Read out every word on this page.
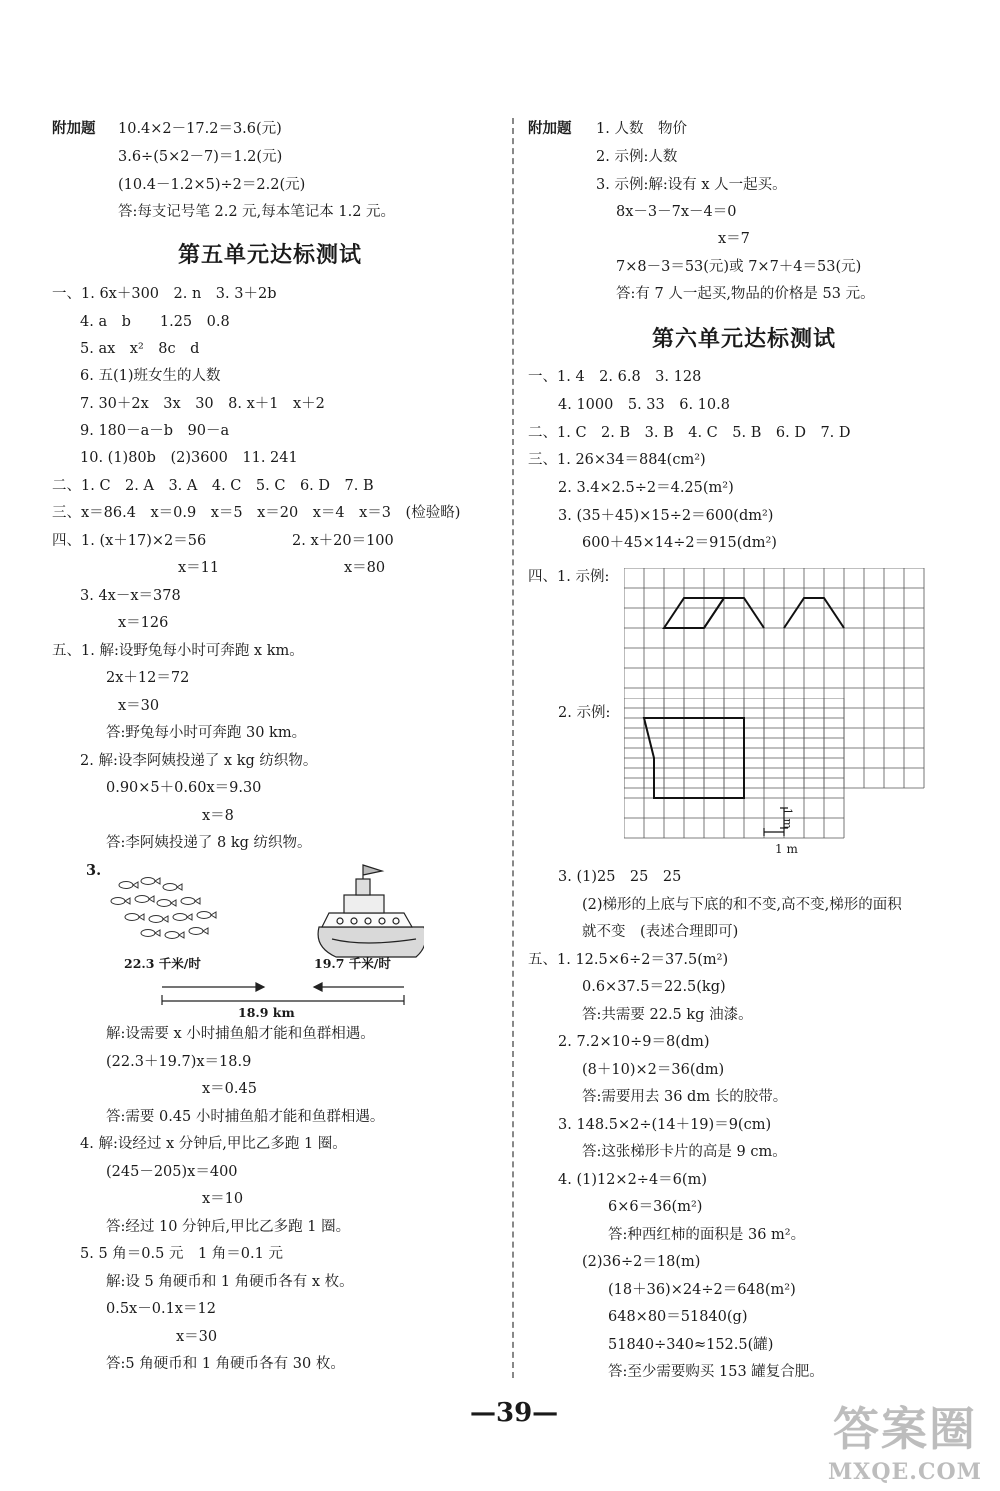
附加题 10.4×2－17.2＝3.6(元)
3.6÷(5×2－7)＝1.2(元)
(10.4－1.2×5)÷2＝2.2(元)
答:每支记号笔 2.2 元,每本笔记本 1.2 元。
第五单元达标测试
一、1. 6x＋300　2. n　3. 3＋2b
4. a　b　　1.25　0.8
5. ax　x²　8c　d
6. 五(1)班女生的人数
7. 30＋2x　3x　30　8. x＋1　x＋2
9. 180－a－b　90－a
10. (1)80b　(2)3600　11. 241
二、1. C　2. A　3. A　4. C　5. C　6. D　7. B
三、x＝86.4　x＝0.9　x＝5　x＝20　x＝4　x＝3　(检验略)
四、1. (x＋17)×2＝56	2. x＋20＝100
x＝11	x＝80
3. 4x－x＝378
x＝126
五、1. 解:设野兔每小时可奔跑 x km。
2x＋12＝72
x＝30
答:野兔每小时可奔跑 30 km。
2. 解:设李阿姨投递了 x kg 纺织物。
0.90×5＋0.60x＝9.30
x＝8
答:李阿姨投递了 8 kg 纺织物。
3.
22.3 千米/时	19.7 千米/时
18.9 km
解:设需要 x 小时捕鱼船才能和鱼群相遇。
(22.3＋19.7)x＝18.9
x＝0.45
答:需要 0.45 小时捕鱼船才能和鱼群相遇。
4. 解:设经过 x 分钟后,甲比乙多跑 1 圈。
(245－205)x＝400
x＝10
答:经过 10 分钟后,甲比乙多跑 1 圈。
5. 5 角＝0.5 元　1 角＝0.1 元
解:设 5 角硬币和 1 角硬币各有 x 枚。
0.5x－0.1x＝12
x＝30
答:5 角硬币和 1 角硬币各有 30 枚。
附加题 1. 人数　物价
2. 示例:人数
3. 示例:解:设有 x 人一起买。
8x－3－7x－4＝0
x＝7
7×8－3＝53(元)或 7×7＋4＝53(元)
答:有 7 人一起买,物品的价格是 53 元。
第六单元达标测试
一、1. 4　2. 6.8　3. 128
4. 1000　5. 33　6. 10.8
二、1. C　2. B　3. B　4. C　5. B　6. D　7. D
三、1. 26×34＝884(cm²)
2. 3.4×2.5÷2＝4.25(m²)
3. (35＋45)×15÷2＝600(dm²)
600＋45×14÷2＝915(dm²)
四、1. 示例:
2. 示例:
1 m
1 m
3. (1)25　25　25
(2)梯形的上底与下底的和不变,高不变,梯形的面积
就不变　(表述合理即可)
五、1. 12.5×6÷2＝37.5(m²)
0.6×37.5＝22.5(kg)
答:共需要 22.5 kg 油漆。
2. 7.2×10÷9＝8(dm)
(8＋10)×2＝36(dm)
答:需要用去 36 dm 长的胶带。
3. 148.5×2÷(14＋19)＝9(cm)
答:这张梯形卡片的高是 9 cm。
4. (1)12×2÷4＝6(m)
6×6＝36(m²)
答:种西红柿的面积是 36 m²。
(2)36÷2＝18(m)
(18＋36)×24÷2＝648(m²)
648×80＝51840(g)
51840÷340≈152.5(罐)
答:至少需要购买 153 罐复合肥。
—39—	答案圈
MXQE.COM
